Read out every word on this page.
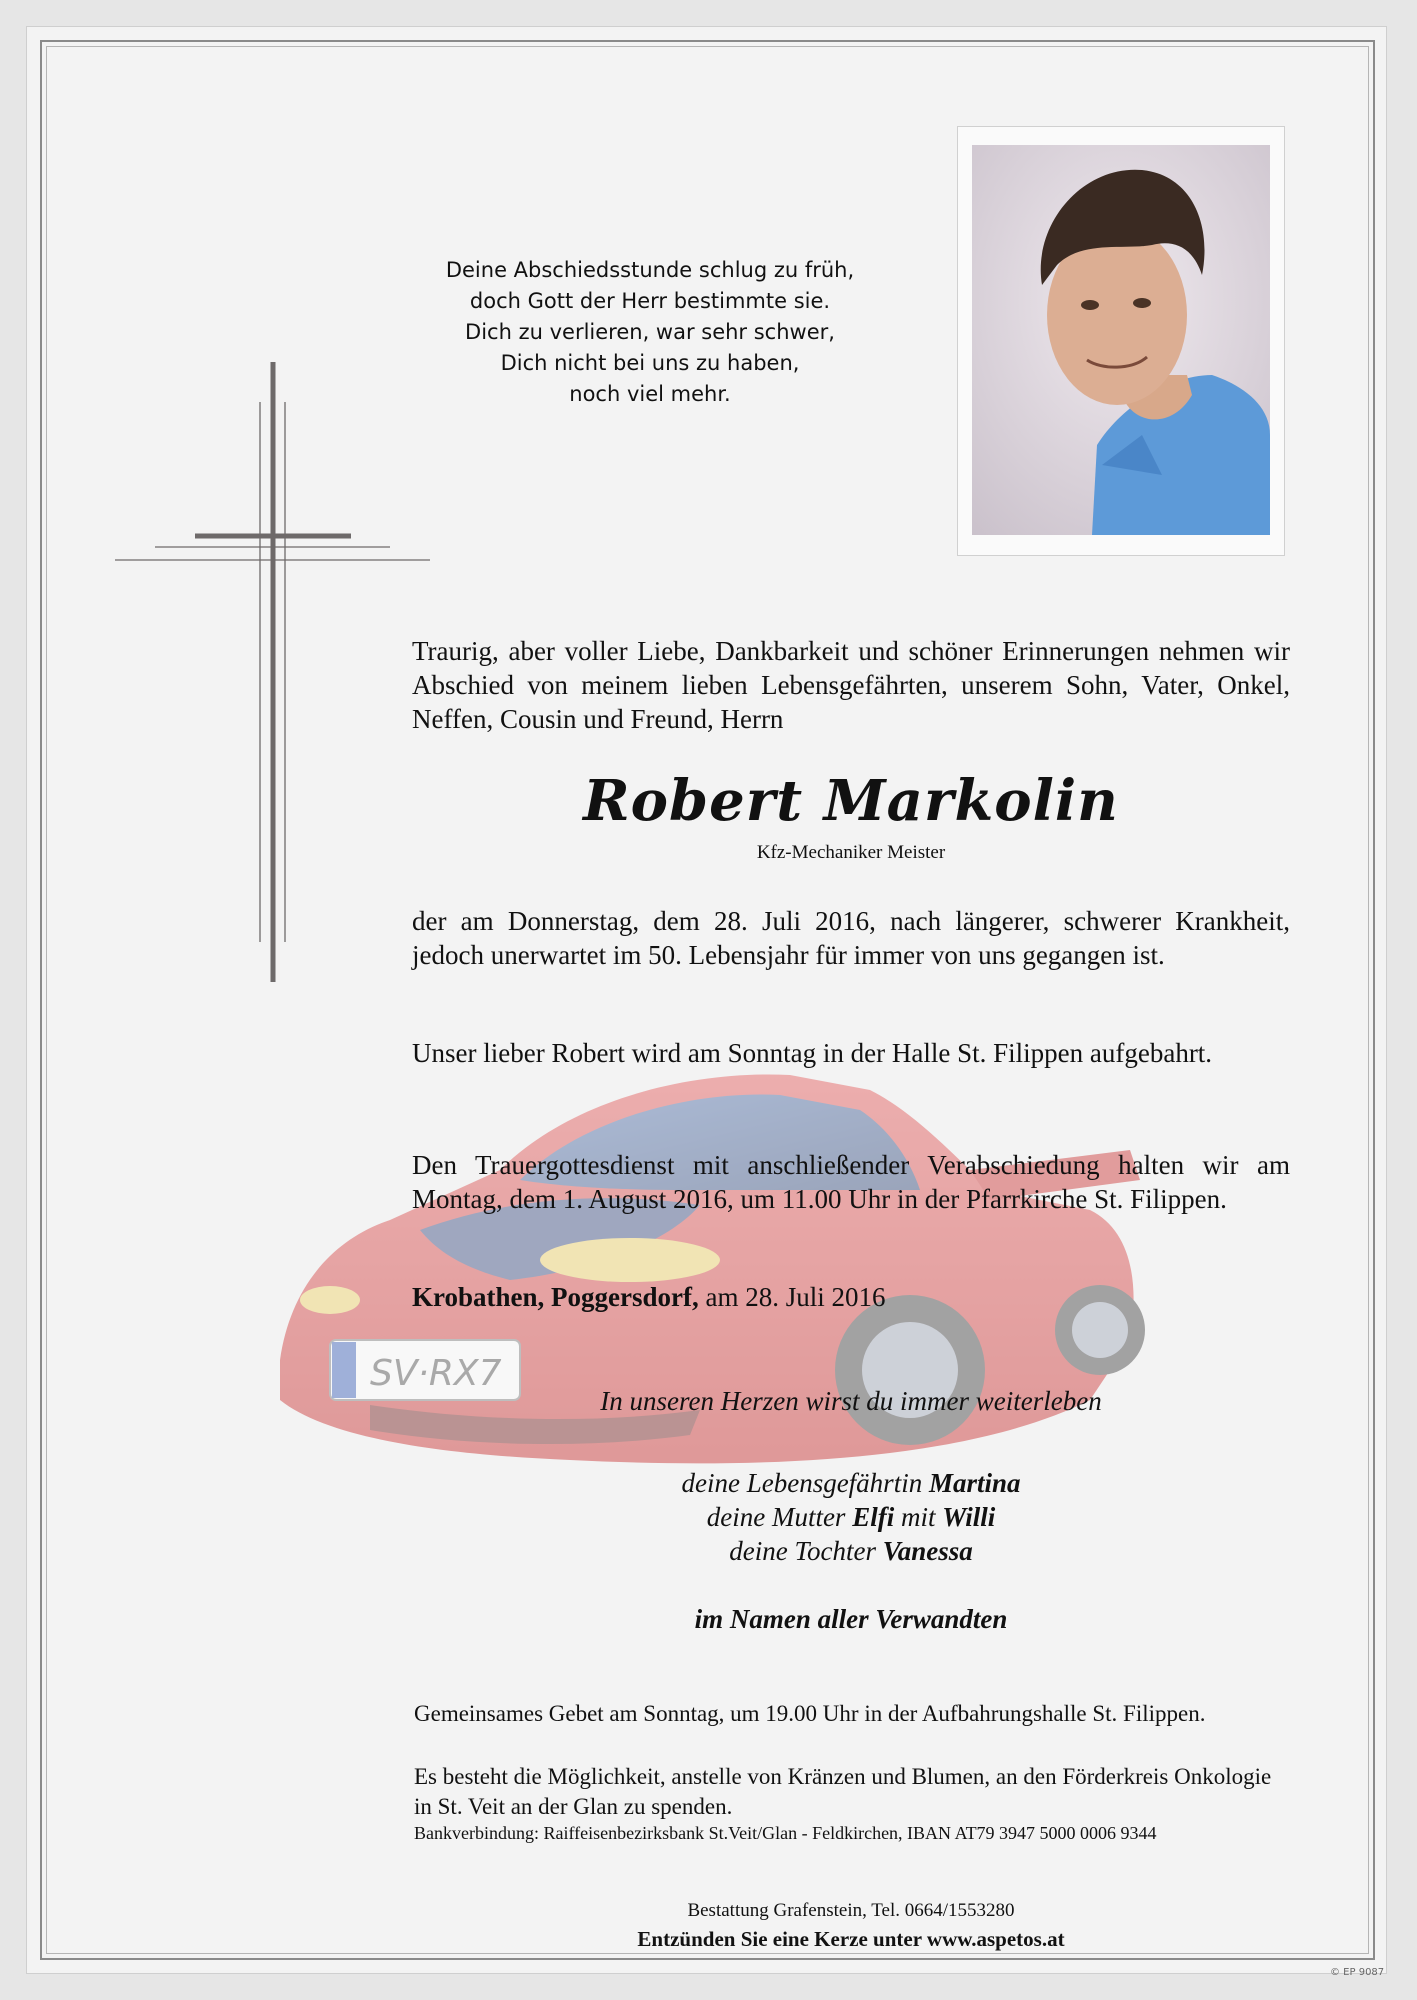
SV·RX7
Deine Abschiedsstunde schlug zu früh,
doch Gott der Herr bestimmte sie.
Dich zu verlieren, war sehr schwer,
Dich nicht bei uns zu haben,
noch viel mehr.
Traurig, aber voller Liebe, Dankbarkeit und schöner Erinnerungen nehmen wir Abschied von meinem lieben Lebensgefährten, unserem Sohn, Vater, Onkel, Neffen, Cousin und Freund, Herrn
Robert Markolin
Kfz-Mechaniker Meister
der am Donnerstag, dem 28. Juli 2016, nach längerer, schwerer Krankheit, jedoch unerwartet im 50. Lebensjahr für immer von uns gegangen ist.
Unser lieber Robert wird am Sonntag in der Halle St. Filippen aufgebahrt.
Den Trauergottesdienst mit anschließender Verabschiedung halten wir am Montag, dem 1. August 2016, um 11.00 Uhr in der Pfarrkirche St. Filippen.
Krobathen, Poggersdorf, am 28. Juli 2016
In unseren Herzen wirst du immer weiterleben
deine Lebensgefährtin Martina
deine Mutter Elfi mit Willi
deine Tochter Vanessa
im Namen aller Verwandten
Gemeinsames Gebet am Sonntag, um 19.00 Uhr in der Aufbahrungshalle St. Filippen.
Es besteht die Möglichkeit, anstelle von Kränzen und Blumen, an den Förderkreis Onkologie in St. Veit an der Glan zu spenden.
Bankverbindung: Raiffeisenbezirksbank St.Veit/Glan - Feldkirchen, IBAN AT79 3947 5000 0006 9344
Bestattung Grafenstein, Tel. 0664/1553280
Entzünden Sie eine Kerze unter www.aspetos.at
© EP 9087
